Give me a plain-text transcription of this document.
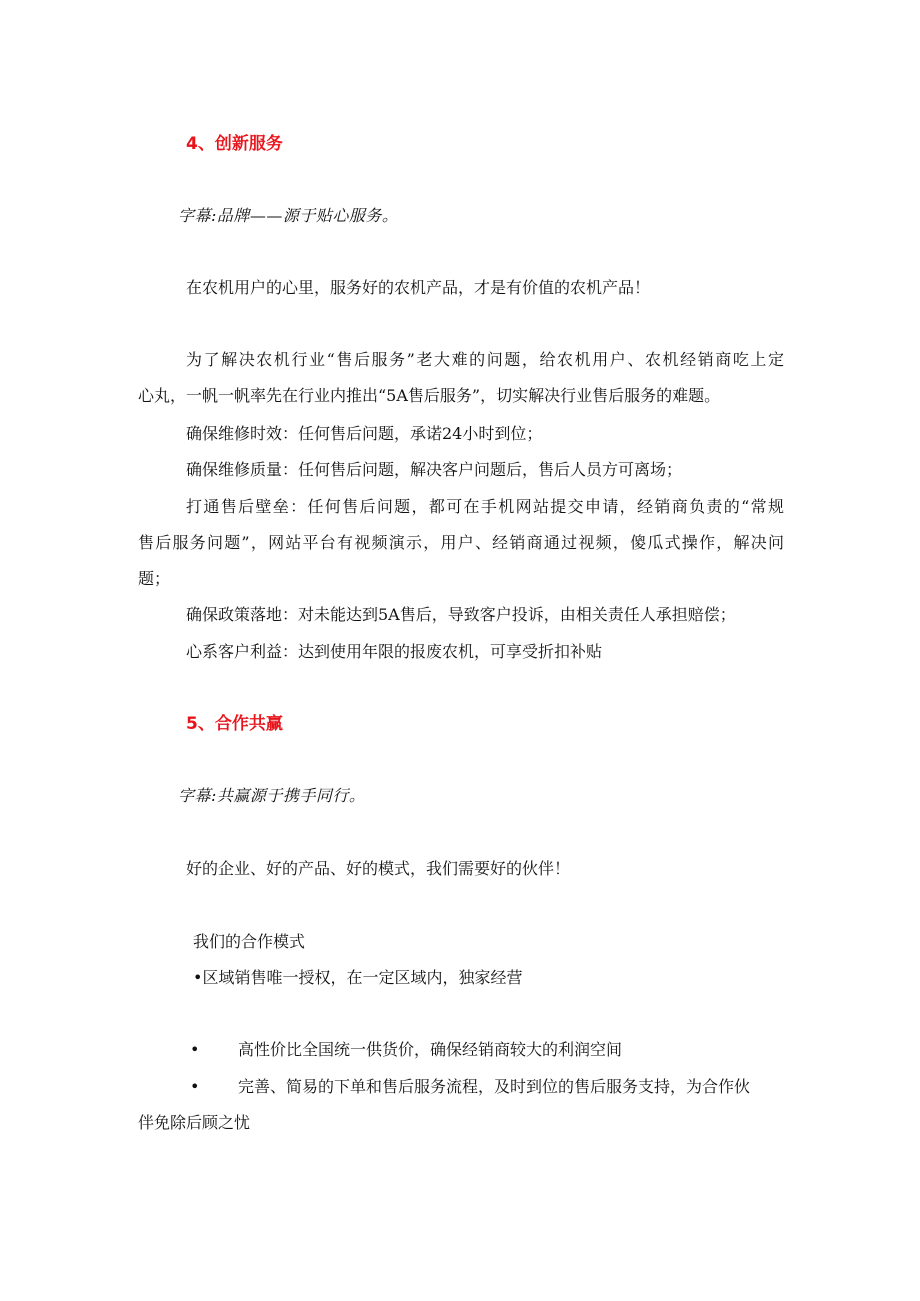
4、创新服务
字幕:品牌——源于贴心服务。
在农机用户的心里，服务好的农机产品，才是有价值的农机产品！
为了解决农机行业“售后服务”老大难的问题，给农机用户、农机经销商吃上定
心丸，一帆一帆率先在行业内推出“5A售后服务”，切实解决行业售后服务的难题。
确保维修时效：任何售后问题，承诺24小时到位；
确保维修质量：任何售后问题，解决客户问题后，售后人员方可离场；
打通售后壁垒：任何售后问题，都可在手机网站提交申请，经销商负责的“常规
售后服务问题”，网站平台有视频演示，用户、经销商通过视频，傻瓜式操作，解决问
题；
确保政策落地：对未能达到5A售后，导致客户投诉，由相关责任人承担赔偿；
心系客户利益：达到使用年限的报废农机，可享受折扣补贴
5、合作共赢
字幕:共赢源于携手同行。
好的企业、好的产品、好的模式，我们需要好的伙伴！
我们的合作模式
•区域销售唯一授权，在一定区域内，独家经营
• 高性价比全国统一供货价，确保经销商较大的利润空间
• 完善、简易的下单和售后服务流程，及时到位的售后服务支持，为合作伙
伴免除后顾之忧
